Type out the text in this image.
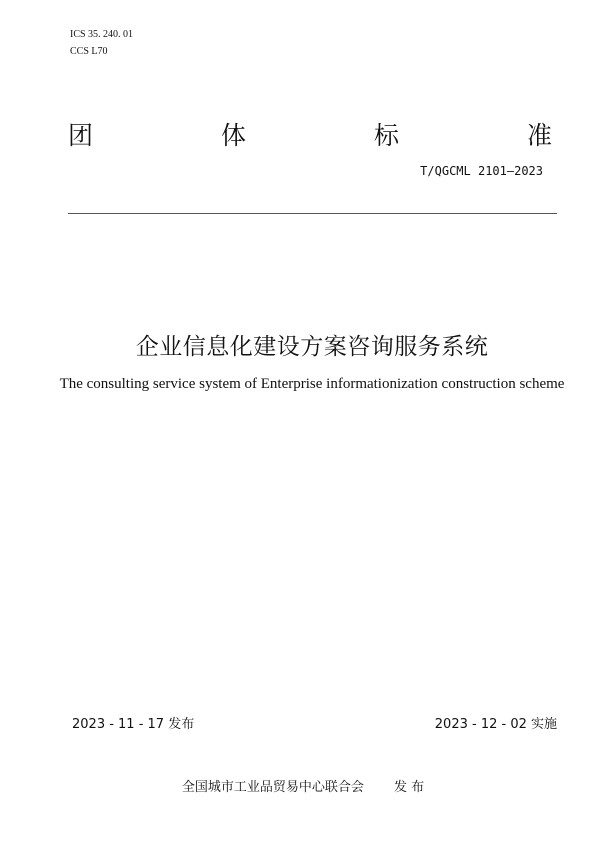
ICS 35. 240. 01
CCS L70
团	体	标	准
T/QGCML 2101—2023
企业信息化建设方案咨询服务系统
The consulting service system of Enterprise informationization construction scheme
2023 - 11 - 17 发布	2023 - 12 - 02 实施
全国城市工业品贸易中心联合会 发 布
